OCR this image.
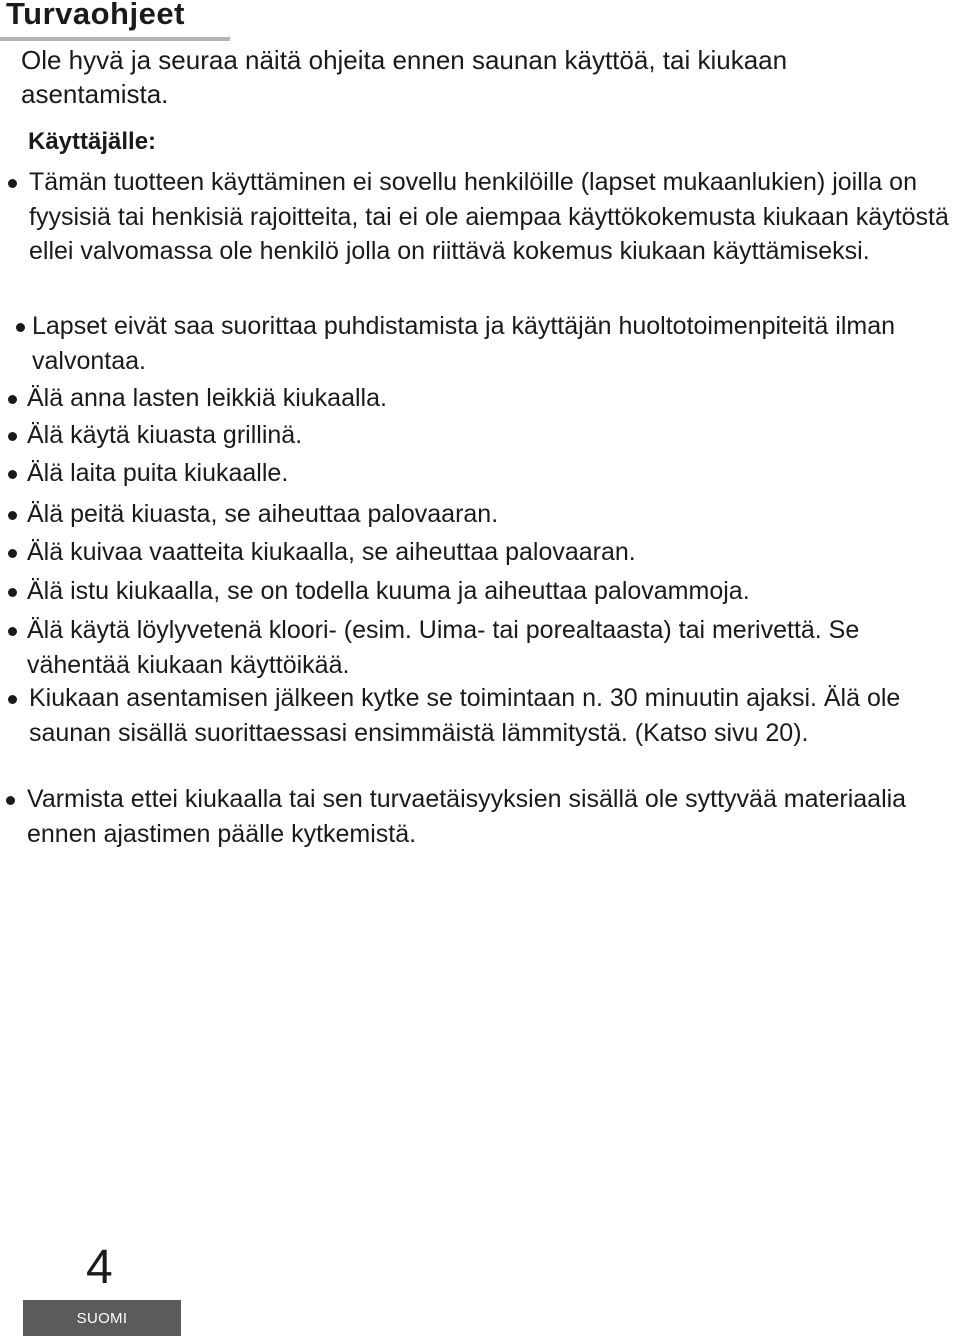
Turvaohjeet

Ole hyvä ja seuraa näitä ohjeita ennen saunan käyttöä, tai kiukaan asentamista.

Käyttäjälle:

Tämän tuotteen käyttäminen ei sovellu henkilöille (lapset mukaanlukien) joilla on fyysisiä tai henkisiä rajoitteita, tai ei ole aiempaa käyttökokemusta kiukaan käytöstä ellei valvomassa ole henkilö jolla on riittävä kokemus kiukaan käyttämiseksi.

Lapset eivät saa suorittaa puhdistamista ja käyttäjän huoltotoimenpiteitä ilman valvontaa.

Älä anna lasten leikkiä kiukaalla.

Älä käytä kiuasta grillinä.

Älä laita puita kiukaalle.

Älä peitä kiuasta, se aiheuttaa palovaaran.

Älä kuivaa vaatteita kiukaalla, se aiheuttaa palovaaran.

Älä istu kiukaalla, se on todella kuuma ja aiheuttaa palovammoja.

Älä käytä löylyvetenä kloori- (esim. Uima- tai porealtaasta) tai merivettä. Se vähentää kiukaan käyttöikää.

Kiukaan asentamisen jälkeen kytke se toimintaan n. 30 minuutin ajaksi. Älä ole saunan sisällä suorittaessasi ensimmäistä lämmitystä. (Katso sivu 20).

Varmista ettei kiukaalla tai sen turvaetäisyyksien sisällä ole syttyvää materiaalia ennen ajastimen päälle kytkemistä.

4
SUOMI
